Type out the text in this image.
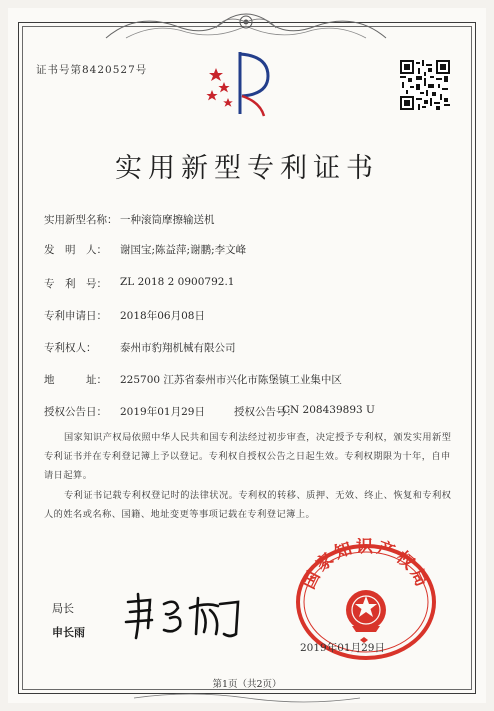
证书号第8420527号
实用新型专利证书
实用新型名称： 一种滚筒摩擦输送机
发　明　人： 谢国宝;陈益萍;谢鹏;李文峰
专　利　号： ZL 2018 2 0900792.1
专利申请日： 2018年06月08日
专利权人： 泰州市豹翔机械有限公司
地　　　址： 225700 江苏省泰州市兴化市陈堡镇工业集中区
授权公告日： 2019年01月29日	授权公告号：
CN 208439893 U
国家知识产权局依照中华人民共和国专利法经过初步审查，决定授予专利权，颁发实用新型专利证书并在专利登记簿上予以登记。专利权自授权公告之日起生效。专利权期限为十年，自申请日起算。
专利证书记载专利权登记时的法律状况。专利权的转移、质押、无效、终止、恢复和专利权人的姓名或名称、国籍、地址变更等事项记载在专利登记簿上。
局长
申长雨
国家知识产权局
2019年01月29日
第1页（共2页）
